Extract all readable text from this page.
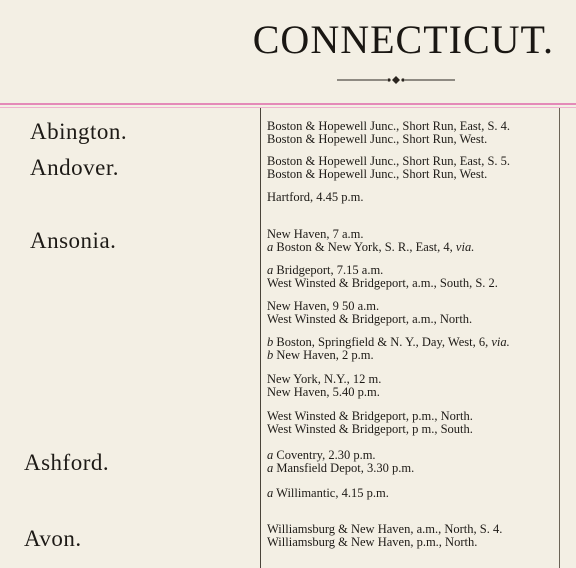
CONNECTICUT.
Abington.
Andover.
Ansonia.
Ashford.
Avon.
Boston & Hopewell Junc., Short Run, East, S. 4.
Boston & Hopewell Junc., Short Run, West.
Boston & Hopewell Junc., Short Run, East, S. 5.
Boston & Hopewell Junc., Short Run, West.
Hartford, 4.45 p.m.
New Haven, 7 a.m.
a Boston & New York, S. R., East, 4, via.
a Bridgeport, 7.15 a.m.
West Winsted & Bridgeport, a.m., South, S. 2.
New Haven, 9 50 a.m.
West Winsted & Bridgeport, a.m., North.
b Boston, Springfield & N. Y., Day, West, 6, via.
b New Haven, 2 p.m.
New York, N.Y., 12 m.
New Haven, 5.40 p.m.
West Winsted & Bridgeport, p.m., North.
West Winsted & Bridgeport, p m., South.
a Coventry, 2.30 p.m.
a Mansfield Depot, 3.30 p.m.
a Willimantic, 4.15 p.m.
Williamsburg & New Haven, a.m., North, S. 4.
Williamsburg & New Haven, p.m., North.
